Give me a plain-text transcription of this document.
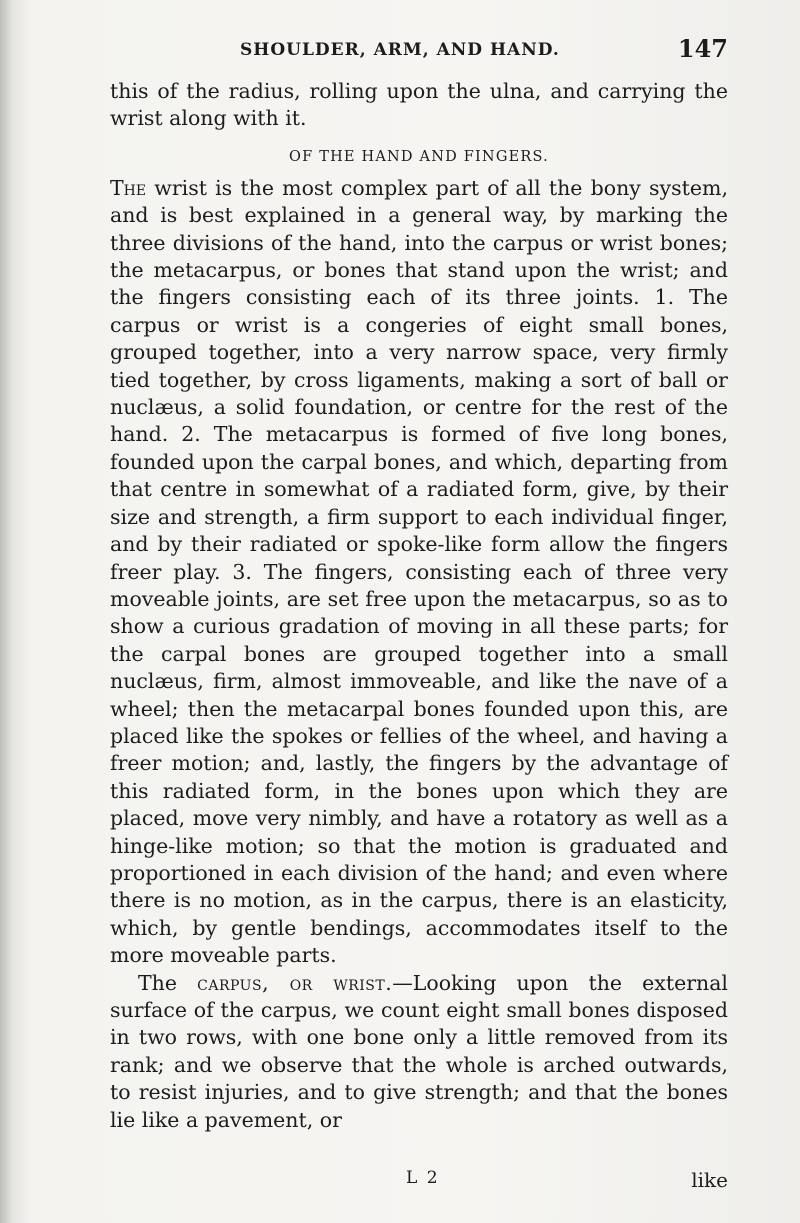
SHOULDER, ARM, AND HAND.	147

this of the radius, rolling upon the ulna, and carrying the wrist along with it.

OF THE HAND AND FINGERS.

The wrist is the most complex part of all the bony system, and is best explained in a general way, by marking the three divisions of the hand, into the carpus or wrist bones; the metacarpus, or bones that stand upon the wrist; and the fingers consisting each of its three joints. 1. The carpus or wrist is a congeries of eight small bones, grouped together, into a very narrow space, very firmly tied together, by cross ligaments, making a sort of ball or nuclæus, a solid foundation, or centre for the rest of the hand. 2. The metacarpus is formed of five long bones, founded upon the carpal bones, and which, departing from that centre in somewhat of a radiated form, give, by their size and strength, a firm support to each individual finger, and by their radiated or spoke-like form allow the fingers freer play. 3. The fingers, consisting each of three very moveable joints, are set free upon the metacarpus, so as to show a curious gradation of moving in all these parts; for the carpal bones are grouped together into a small nuclæus, firm, almost immoveable, and like the nave of a wheel; then the metacarpal bones founded upon this, are placed like the spokes or fellies of the wheel, and having a freer motion; and, lastly, the fingers by the advantage of this radiated form, in the bones upon which they are placed, move very nimbly, and have a rotatory as well as a hinge-like motion; so that the motion is graduated and proportioned in each division of the hand; and even where there is no motion, as in the carpus, there is an elasticity, which, by gentle bendings, accommodates itself to the more moveable parts.

The carpus, or wrist.—Looking upon the external surface of the carpus, we count eight small bones disposed in two rows, with one bone only a little removed from its rank; and we observe that the whole is arched outwards, to resist injuries, and to give strength; and that the bones lie like a pavement, or

L 2	like
